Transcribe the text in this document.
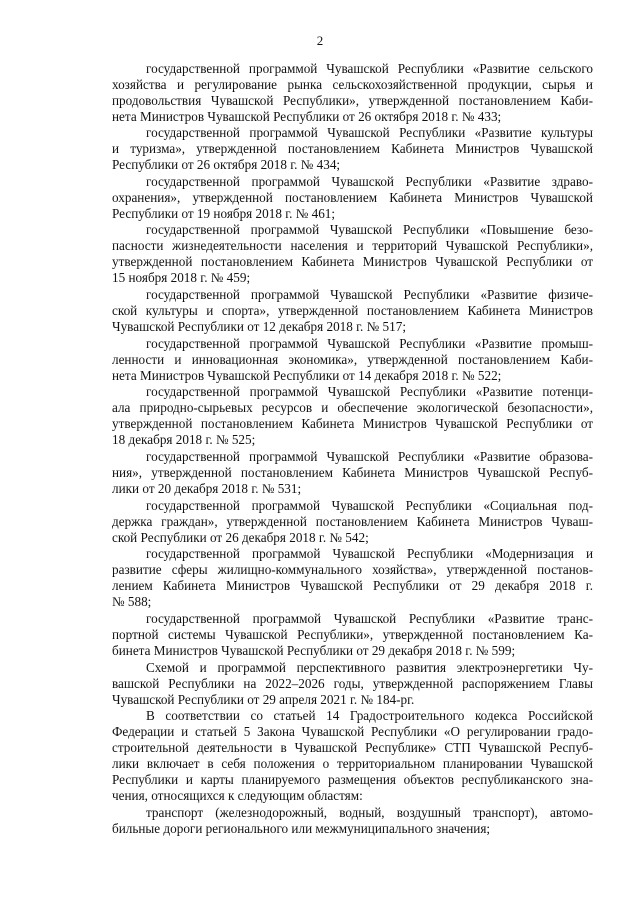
2
государственной программой Чувашской Республики «Развитие сельского
хозяйства и регулирование рынка сельскохозяйственной продукции, сырья и
продовольствия Чувашской Республики», утвержденной постановлением Каби-
нета Министров Чувашской Республики от 26 октября 2018 г. № 433;
государственной программой Чувашской Республики «Развитие культуры
и туризма», утвержденной постановлением Кабинета Министров Чувашской
Республики от 26 октября 2018 г. № 434;
государственной программой Чувашской Республики «Развитие здраво-
охранения», утвержденной постановлением Кабинета Министров Чувашской
Республики от 19 ноября 2018 г. № 461;
государственной программой Чувашской Республики «Повышение безо-
пасности жизнедеятельности населения и территорий Чувашской Республики»,
утвержденной постановлением Кабинета Министров Чувашской Республики от
15 ноября 2018 г. № 459;
государственной программой Чувашской Республики «Развитие физиче-
ской культуры и спорта», утвержденной постановлением Кабинета Министров
Чувашской Республики от 12 декабря 2018 г. № 517;
государственной программой Чувашской Республики «Развитие промыш-
ленности и инновационная экономика», утвержденной постановлением Каби-
нета Министров Чувашской Республики от 14 декабря 2018 г. № 522;
государственной программой Чувашской Республики «Развитие потенци-
ала природно-сырьевых ресурсов и обеспечение экологической безопасности»,
утвержденной постановлением Кабинета Министров Чувашской Республики от
18 декабря 2018 г. № 525;
государственной программой Чувашской Республики «Развитие образова-
ния», утвержденной постановлением Кабинета Министров Чувашской Респуб-
лики от 20 декабря 2018 г. № 531;
государственной программой Чувашской Республики «Социальная под-
держка граждан», утвержденной постановлением Кабинета Министров Чуваш-
ской Республики от 26 декабря 2018 г. № 542;
государственной программой Чувашской Республики «Модернизация и
развитие сферы жилищно-коммунального хозяйства», утвержденной постанов-
лением Кабинета Министров Чувашской Республики от 29 декабря 2018 г.
№ 588;
государственной программой Чувашской Республики «Развитие транс-
портной системы Чувашской Республики», утвержденной постановлением Ка-
бинета Министров Чувашской Республики от 29 декабря 2018 г. № 599;
Схемой и программой перспективного развития электроэнергетики Чу-
вашской Республики на 2022–2026 годы, утвержденной распоряжением Главы
Чувашской Республики от 29 апреля 2021 г. № 184-рг.
В соответствии со статьей 14 Градостроительного кодекса Российской
Федерации и статьей 5 Закона Чувашской Республики «О регулировании градо-
строительной деятельности в Чувашской Республике» СТП Чувашской Респуб-
лики включает в себя положения о территориальном планировании Чувашской
Республики и карты планируемого размещения объектов республиканского зна-
чения, относящихся к следующим областям:
транспорт (железнодорожный, водный, воздушный транспорт), автомо-
бильные дороги регионального или межмуниципального значения;
